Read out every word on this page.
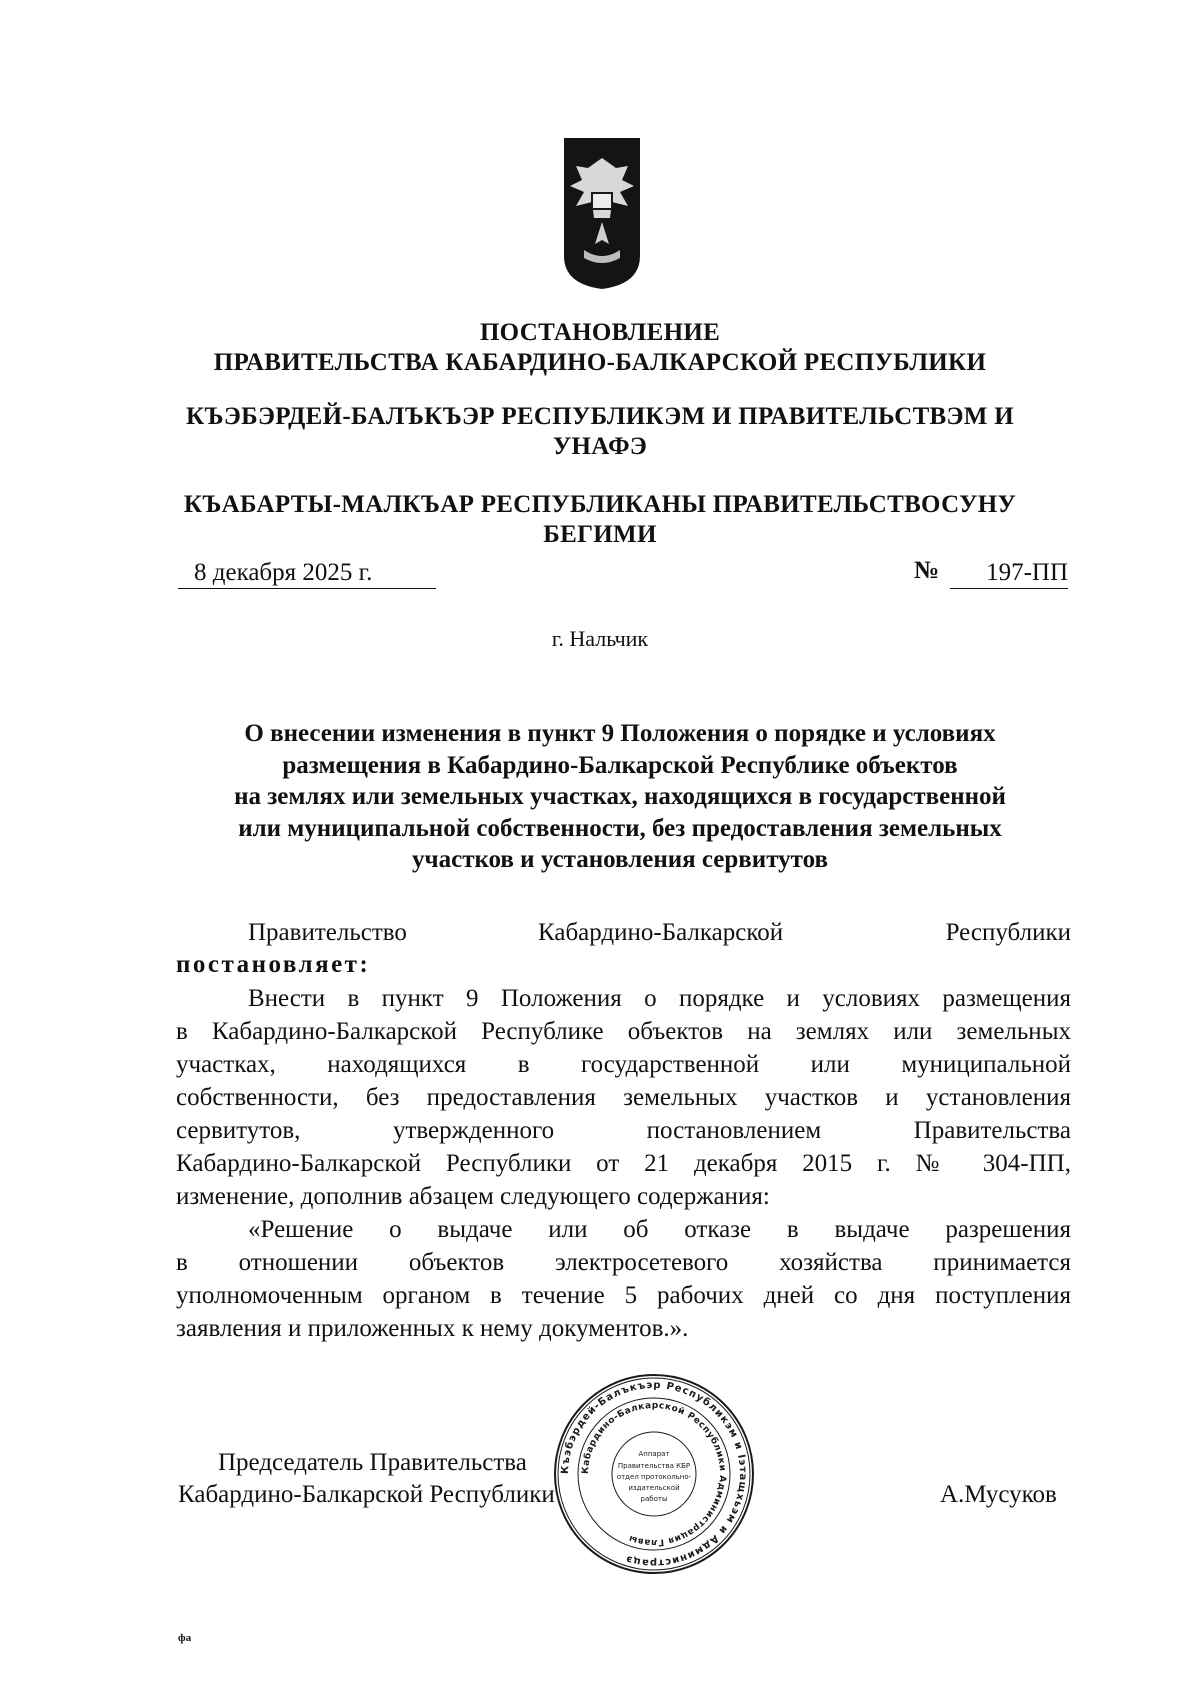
ПОСТАНОВЛЕНИЕ
ПРАВИТЕЛЬСТВА КАБАРДИНО-БАЛКАРСКОЙ РЕСПУБЛИКИ
КЪЭБЭРДЕЙ-БАЛЪКЪЭР РЕСПУБЛИКЭМ И ПРАВИТЕЛЬСТВЭМ И
УНАФЭ
КЪАБАРТЫ-МАЛКЪАР РЕСПУБЛИКАНЫ ПРАВИТЕЛЬСТВОСУНУ
БЕГИМИ
8 декабря 2025 г.	№	197-ПП
г. Нальчик
О внесении изменения в пункт 9 Положения о порядке и условиях
размещения в Кабардино-Балкарской Республике объектов
на землях или земельных участках, находящихся в государственной
или муниципальной собственности, без предоставления земельных
участков и установления сервитутов
Правительство	Кабардино-Балкарской	Республики
постановляет:
Внести в пункт 9 Положения о порядке и условиях размещения
в Кабардино-Балкарской Республике объектов на землях или земельных
участках, находящихся в государственной или муниципальной
собственности, без предоставления земельных участков и установления
сервитутов, утвержденного постановлением Правительства
Кабардино-Балкарской Республики от 21 декабря 2015 г. № 304-ПП,
изменение, дополнив абзацем следующего содержания:
«Решение о выдаче или об отказе в выдаче разрешения
в отношении объектов электросетевого хозяйства принимается
уполномоченным органом в течение 5 рабочих дней со дня поступления
заявления и приложенных к нему документов.».
Председатель Правительства
Кабардино-Балкарской Республики	А.Мусуков
Къэбэрдей-Балъкъэр Республикэм и Іэтащхьэм и Администрацэ
Кабардино-Балкарской Республики Администрация Главы
Аппарат
Правительства КБР
отдел протокольно-
издательской
работы
фа
